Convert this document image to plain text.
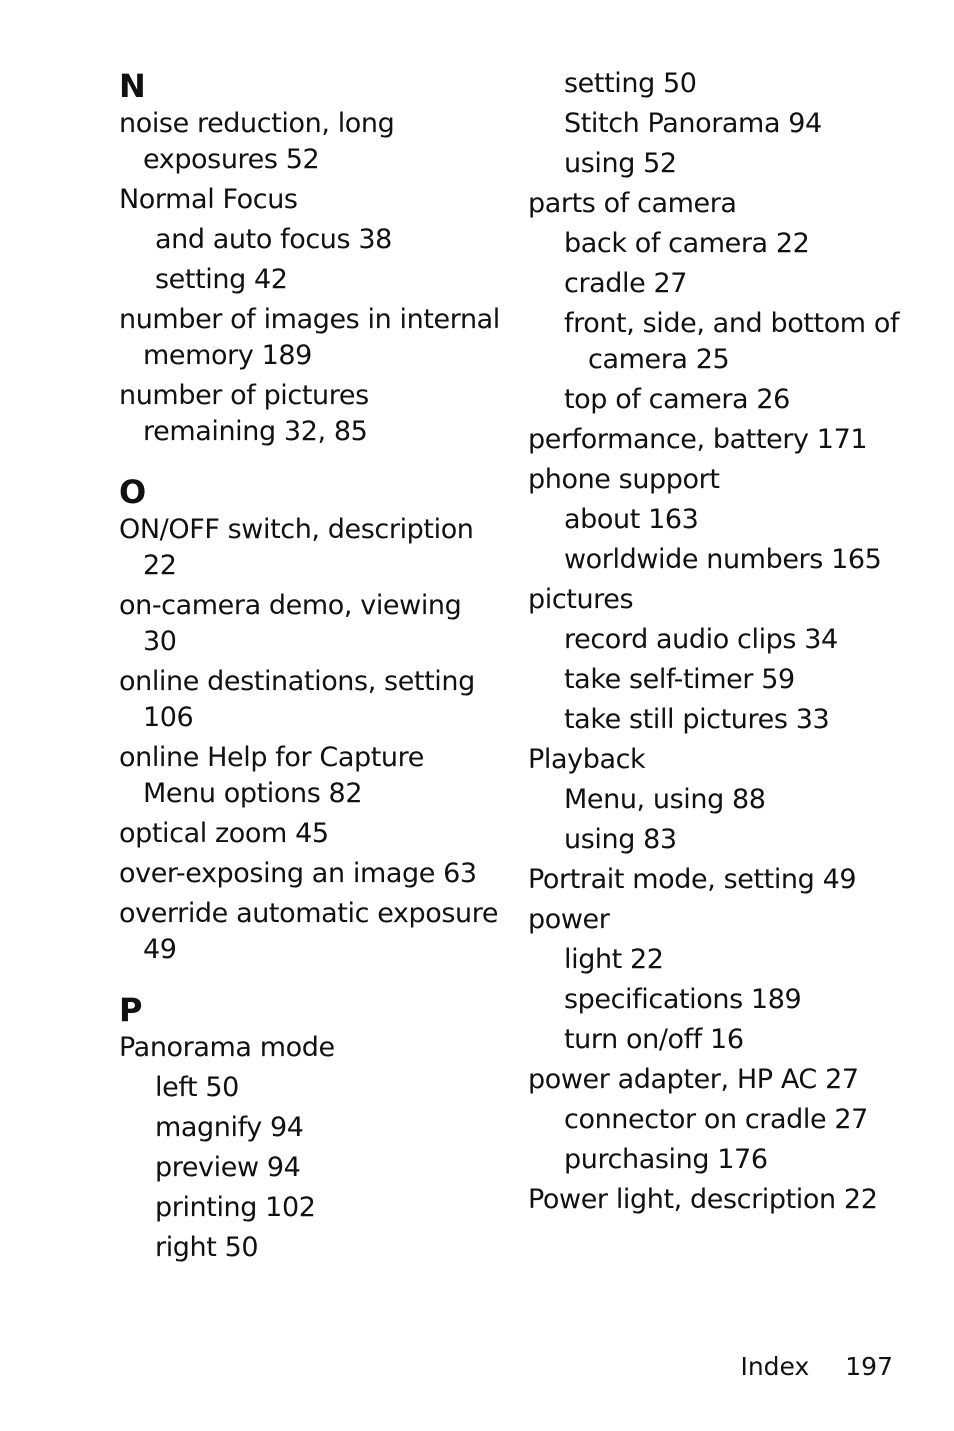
N
noise reduction, long
exposures 52
Normal Focus
and auto focus 38
setting 42
number of images in internal
memory 189
number of pictures
remaining 32, 85
O
ON/OFF switch, description
22
on-camera demo, viewing
30
online destinations, setting
106
online Help for Capture
Menu options 82
optical zoom 45
over-exposing an image 63
override automatic exposure
49
P
Panorama mode
left 50
magnify 94
preview 94
printing 102
right 50
setting 50
Stitch Panorama 94
using 52
parts of camera
back of camera 22
cradle 27
front, side, and bottom of
camera 25
top of camera 26
performance, battery 171
phone support
about 163
worldwide numbers 165
pictures
record audio clips 34
take self-timer 59
take still pictures 33
Playback
Menu, using 88
using 83
Portrait mode, setting 49
power
light 22
specifications 189
turn on/off 16
power adapter, HP AC 27
connector on cradle 27
purchasing 176
Power light, description 22
Index 197
